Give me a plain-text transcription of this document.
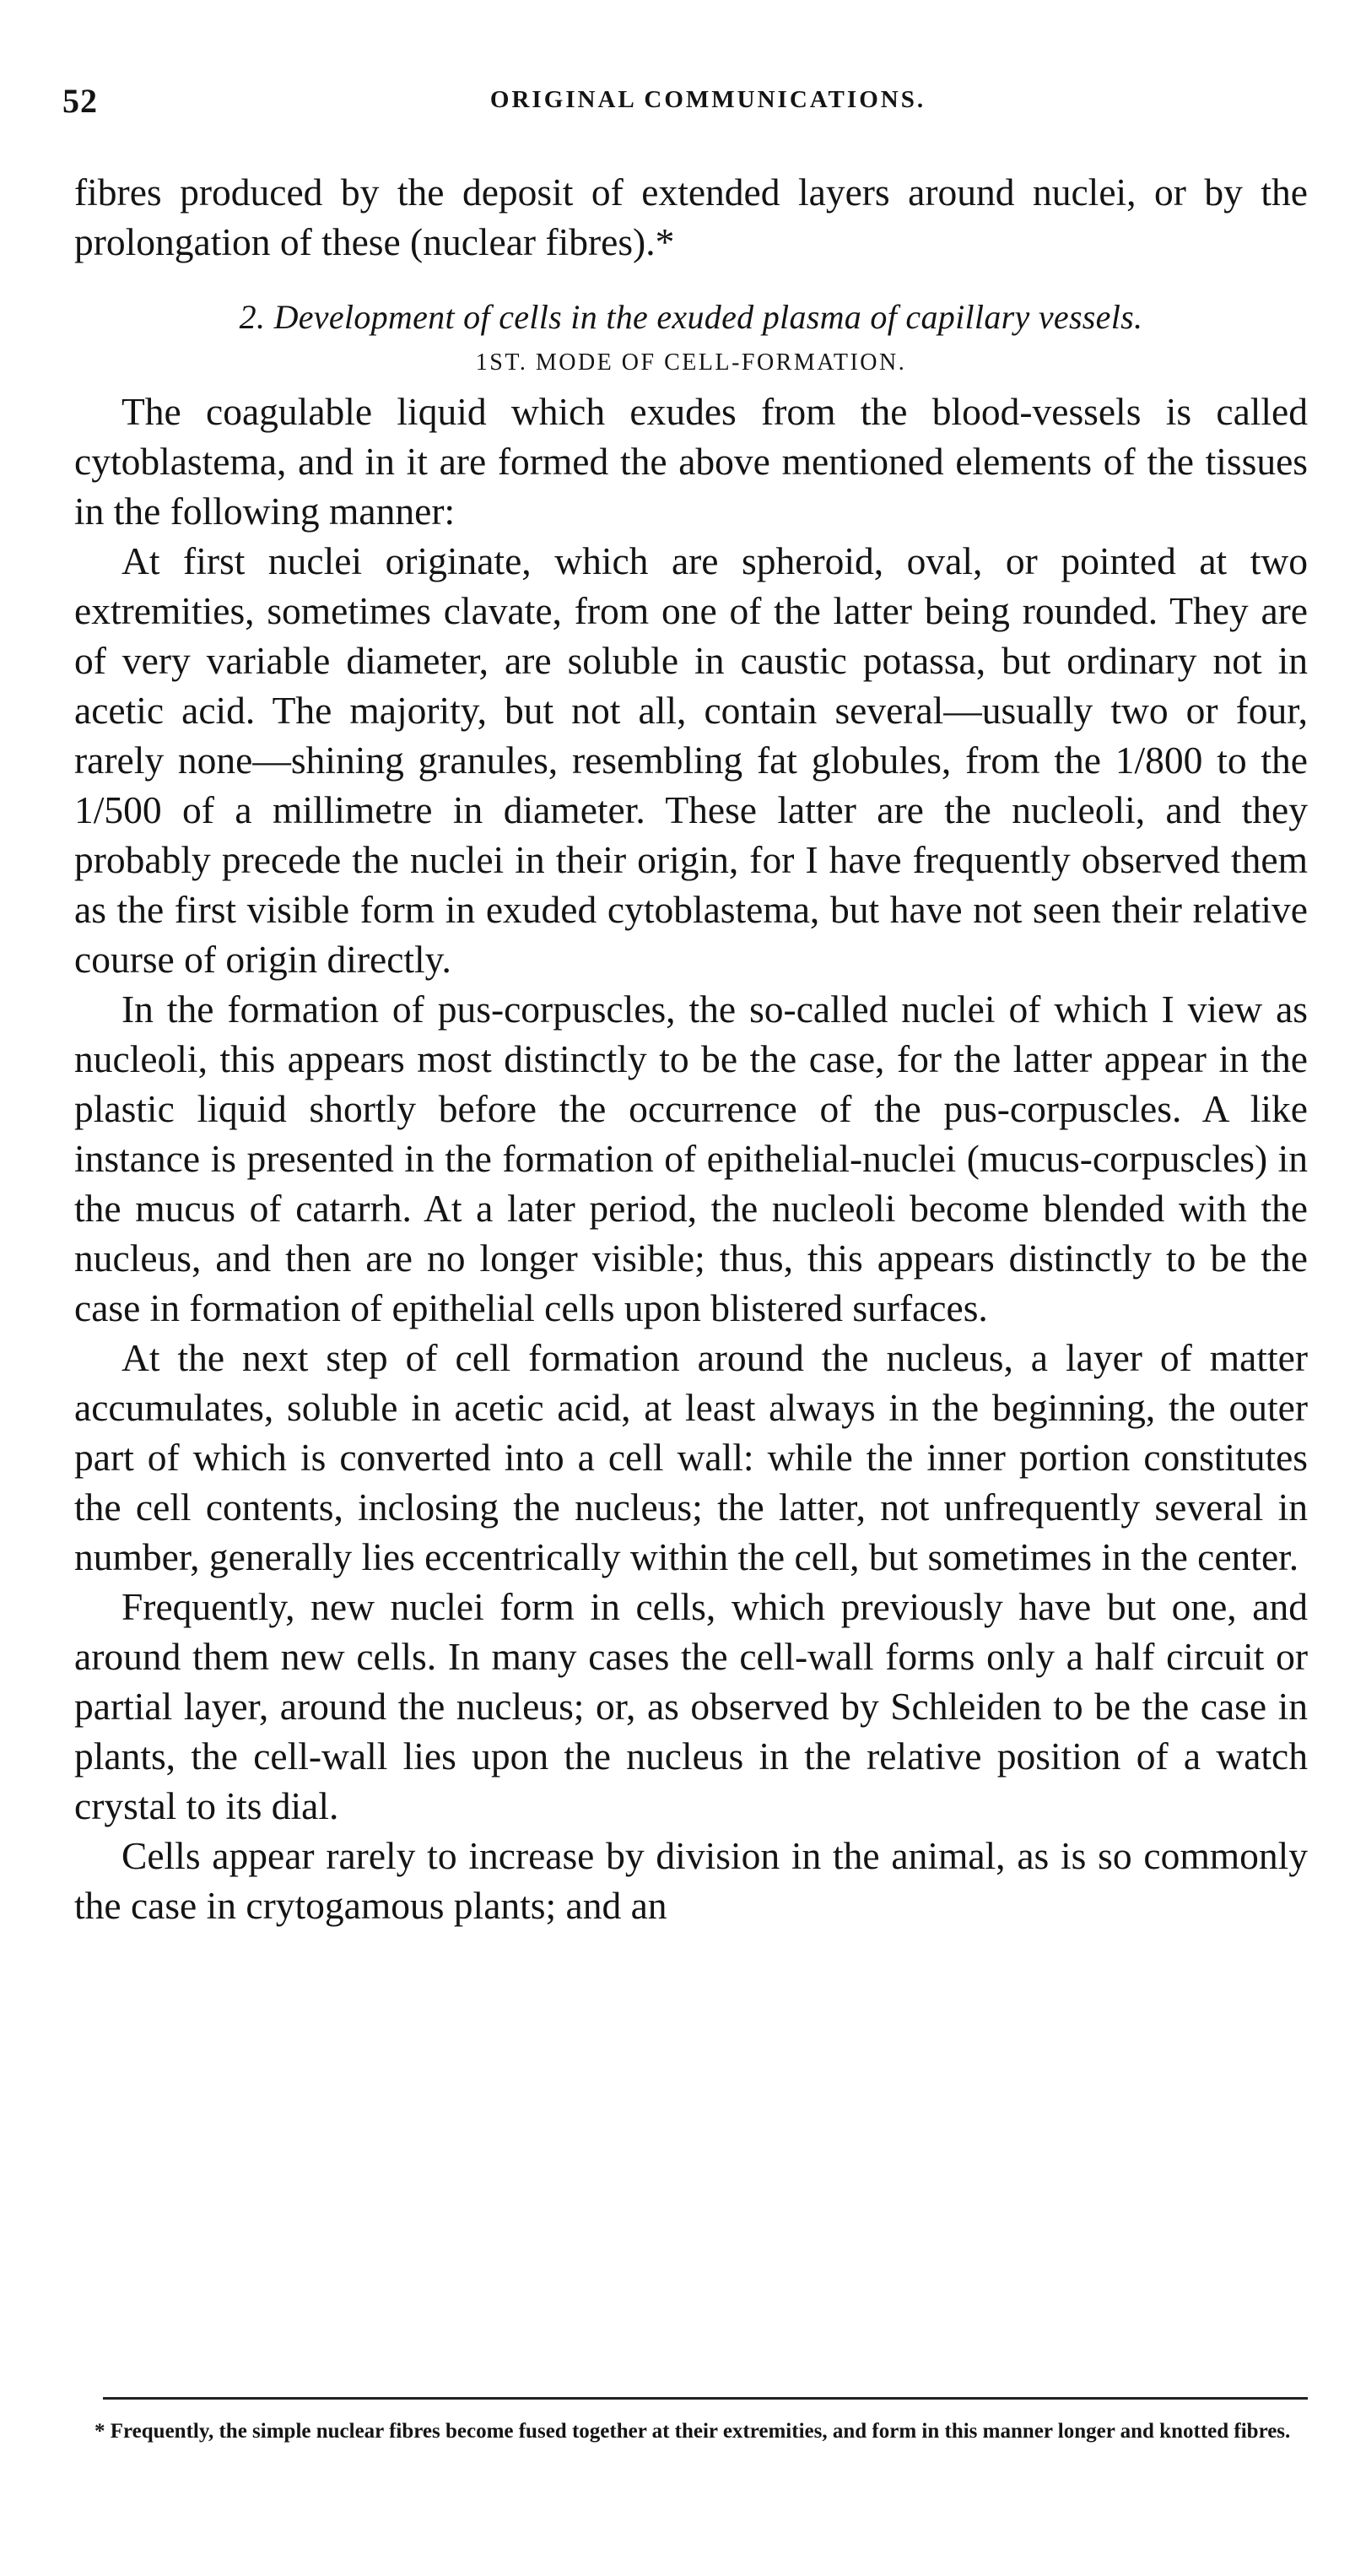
52	ORIGINAL COMMUNICATIONS.

fibres produced by the deposit of extended layers around nuclei, or by the prolongation of these (nuclear fibres).*

2. Development of cells in the exuded plasma of capillary vessels.

1ST. MODE OF CELL-FORMATION.

The coagulable liquid which exudes from the blood-vessels is called cytoblastema, and in it are formed the above mentioned elements of the tissues in the following manner:

At first nuclei originate, which are spheroid, oval, or pointed at two extremities, sometimes clavate, from one of the latter being rounded. They are of very variable diameter, are soluble in caustic potassa, but ordinary not in acetic acid. The majority, but not all, contain several—usually two or four, rarely none—shining granules, resembling fat globules, from the 1/800 to the 1/500 of a millimetre in diameter. These latter are the nucleoli, and they probably precede the nuclei in their origin, for I have frequently observed them as the first visible form in exuded cytoblastema, but have not seen their relative course of origin directly.

In the formation of pus-corpuscles, the so-called nuclei of which I view as nucleoli, this appears most distinctly to be the case, for the latter appear in the plastic liquid shortly before the occurrence of the pus-corpuscles. A like instance is presented in the formation of epithelial-nuclei (mucus-corpuscles) in the mucus of catarrh. At a later period, the nucleoli become blended with the nucleus, and then are no longer visible; thus, this appears distinctly to be the case in formation of epithelial cells upon blistered surfaces.

At the next step of cell formation around the nucleus, a layer of matter accumulates, soluble in acetic acid, at least always in the beginning, the outer part of which is converted into a cell wall: while the inner portion constitutes the cell contents, inclosing the nucleus; the latter, not unfrequently several in number, generally lies eccentrically within the cell, but sometimes in the center.

Frequently, new nuclei form in cells, which previously have but one, and around them new cells. In many cases the cell-wall forms only a half circuit or partial layer, around the nucleus; or, as observed by Schleiden to be the case in plants, the cell-wall lies upon the nucleus in the relative position of a watch crystal to its dial.

Cells appear rarely to increase by division in the animal, as is so commonly the case in crytogamous plants; and an

* Frequently, the simple nuclear fibres become fused together at their extremities, and form in this manner longer and knotted fibres.
